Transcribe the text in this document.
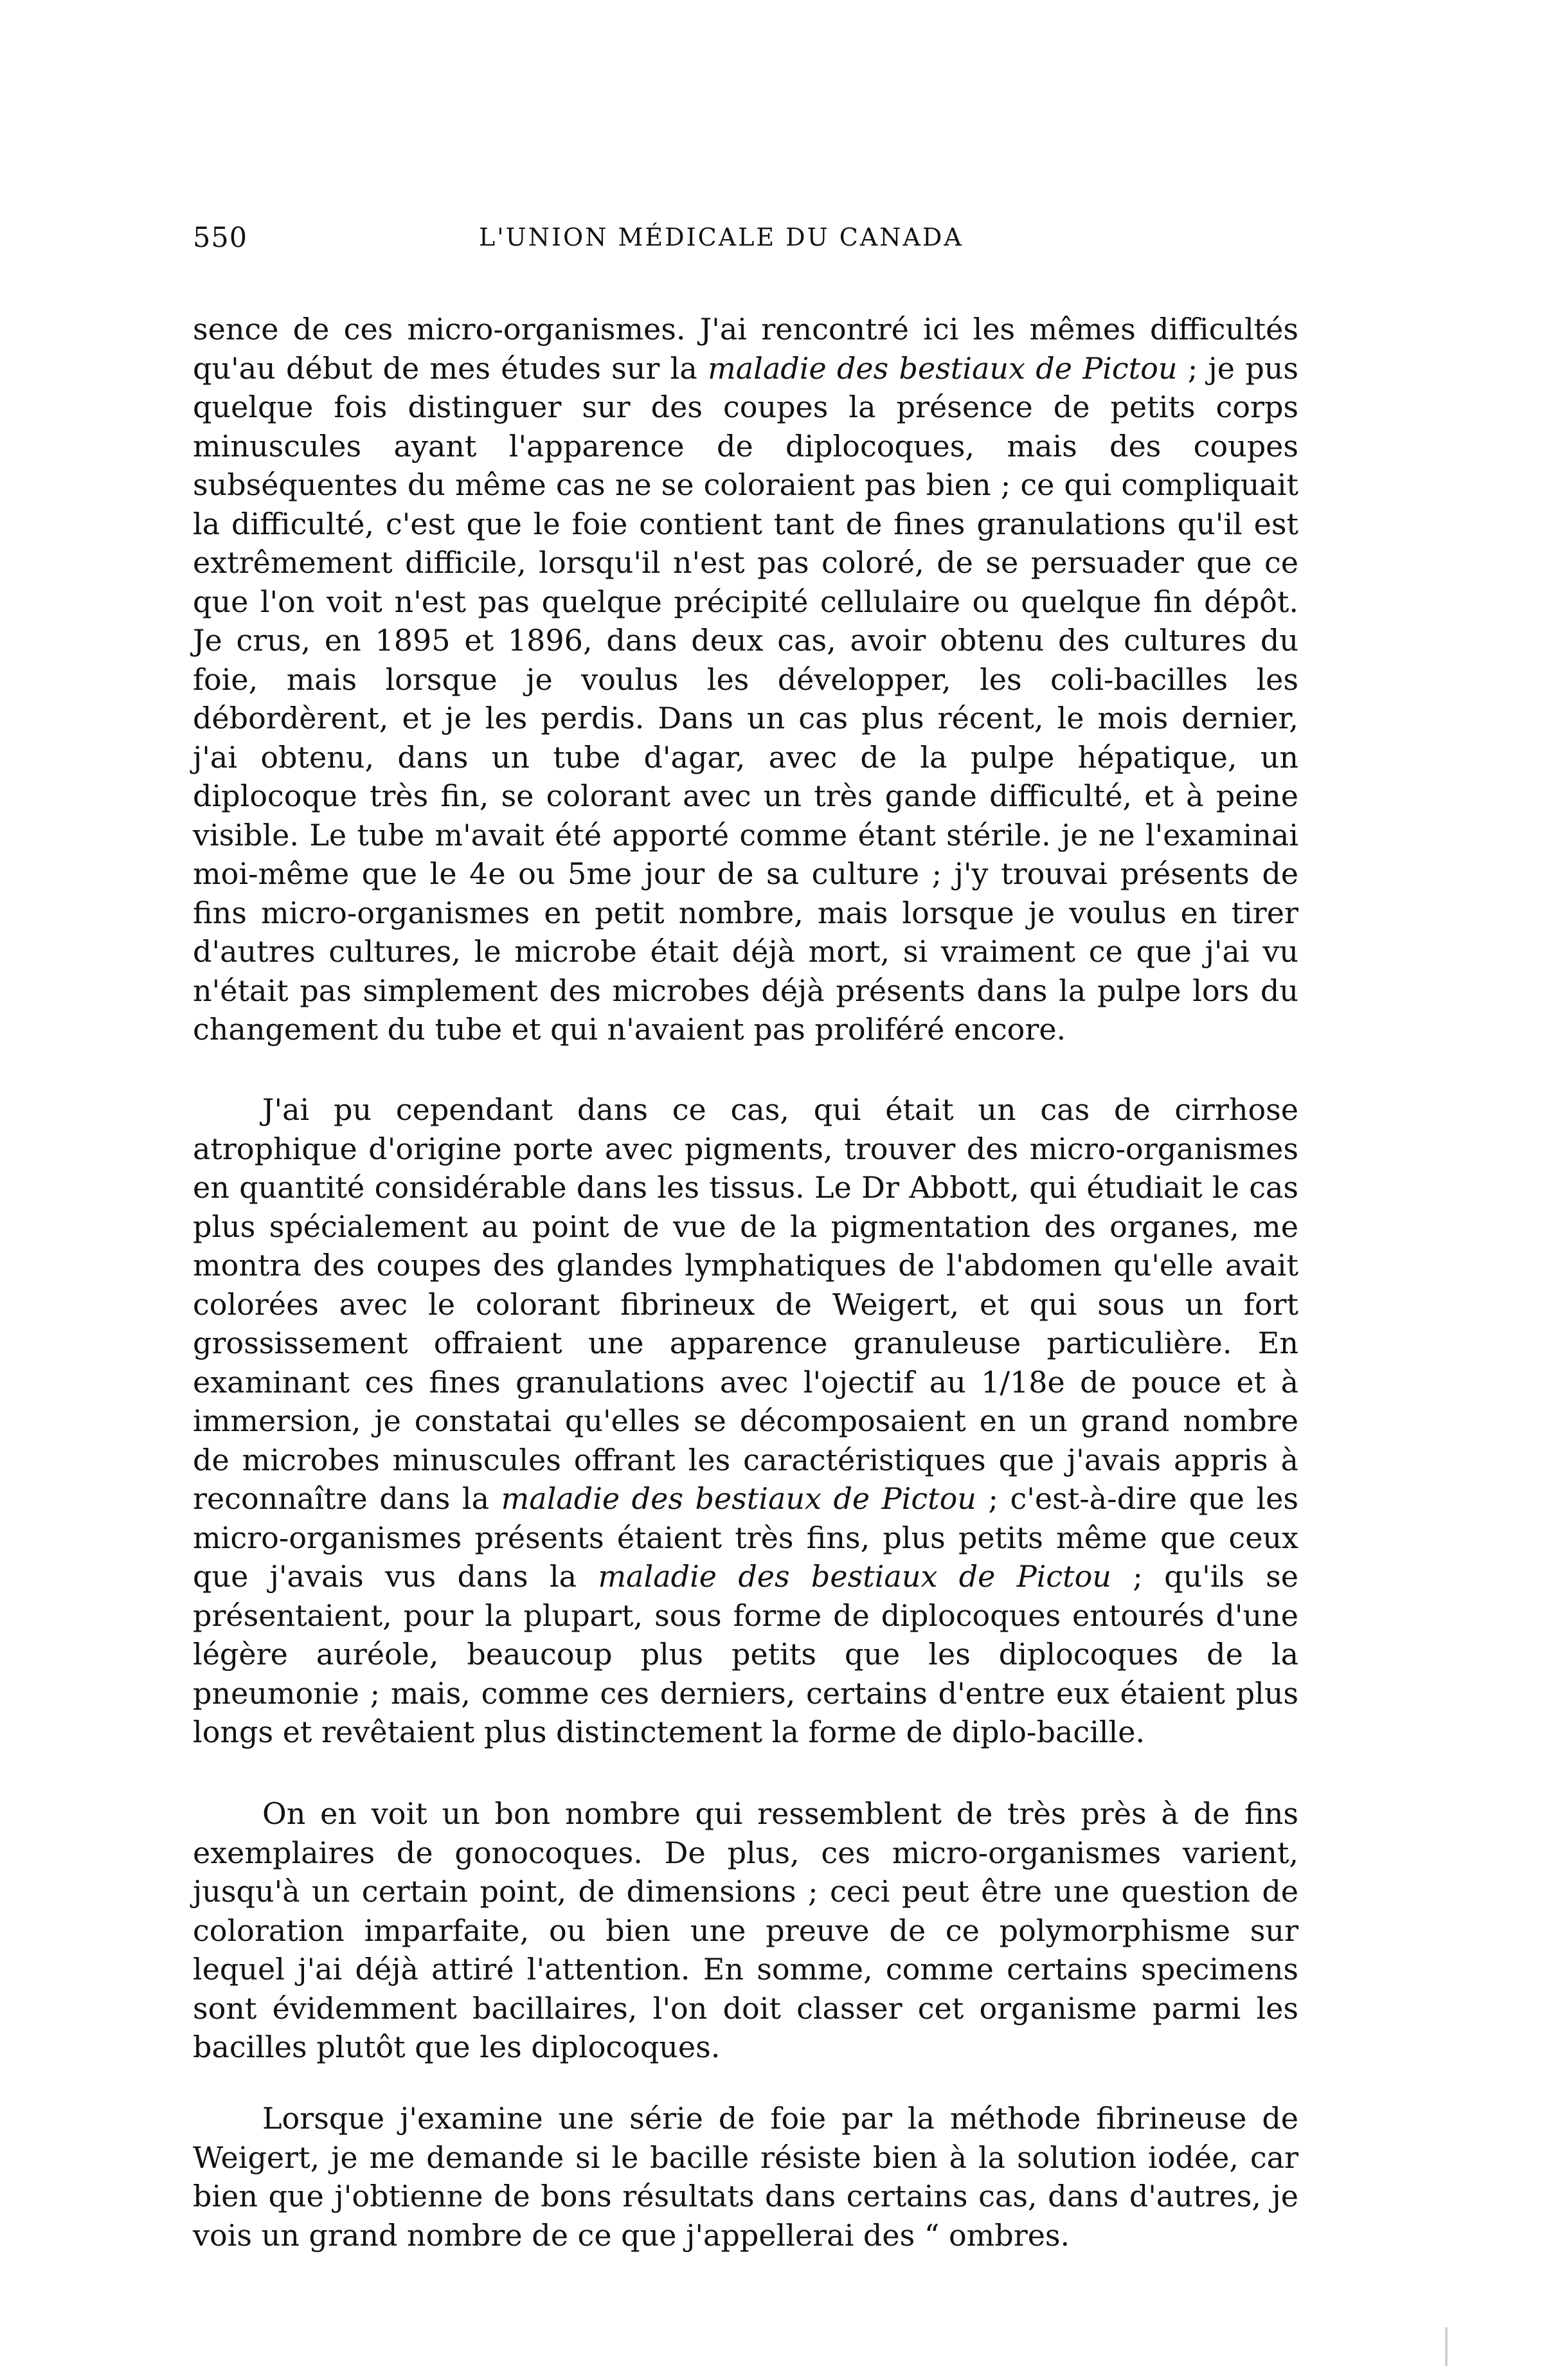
550	L'UNION MÉDICALE DU CANADA

sence de ces micro-organismes. J'ai rencontré ici les mêmes difficultés qu'au début de mes études sur la maladie des bestiaux de Pictou ; je pus quelque fois distinguer sur des coupes la présence de petits corps minuscules ayant l'apparence de diplocoques, mais des coupes subséquentes du même cas ne se coloraient pas bien ; ce qui compliquait la difficulté, c'est que le foie contient tant de fines granulations qu'il est extrêmement difficile, lorsqu'il n'est pas coloré, de se persuader que ce que l'on voit n'est pas quelque précipité cellulaire ou quelque fin dépôt. Je crus, en 1895 et 1896, dans deux cas, avoir obtenu des cultures du foie, mais lorsque je voulus les développer, les coli-bacilles les débordèrent, et je les perdis. Dans un cas plus récent, le mois dernier, j'ai obtenu, dans un tube d'agar, avec de la pulpe hépatique, un diplocoque très fin, se colorant avec un très gande difficulté, et à peine visible. Le tube m'avait été apporté comme étant stérile. je ne l'examinai moi-même que le 4e ou 5me jour de sa culture ; j'y trouvai présents de fins micro-organismes en petit nombre, mais lorsque je voulus en tirer d'autres cultures, le microbe était déjà mort, si vraiment ce que j'ai vu n'était pas simplement des microbes déjà présents dans la pulpe lors du changement du tube et qui n'avaient pas proliféré encore.

J'ai pu cependant dans ce cas, qui était un cas de cirrhose atrophique d'origine porte avec pigments, trouver des micro-organismes en quantité considérable dans les tissus. Le Dr Abbott, qui étudiait le cas plus spécialement au point de vue de la pigmentation des organes, me montra des coupes des glandes lymphatiques de l'abdomen qu'elle avait colorées avec le colorant fibrineux de Weigert, et qui sous un fort grossissement offraient une apparence granuleuse particulière. En examinant ces fines granulations avec l'ojectif au 1/18e de pouce et à immersion, je constatai qu'elles se décomposaient en un grand nombre de microbes minuscules offrant les caractéristiques que j'avais appris à reconnaître dans la maladie des bestiaux de Pictou ; c'est-à-dire que les micro-organismes présents étaient très fins, plus petits même que ceux que j'avais vus dans la maladie des bestiaux de Pictou ; qu'ils se présentaient, pour la plupart, sous forme de diplocoques entourés d'une légère auréole, beaucoup plus petits que les diplocoques de la pneumonie ; mais, comme ces derniers, certains d'entre eux étaient plus longs et revêtaient plus distinctement la forme de diplo-bacille.

On en voit un bon nombre qui ressemblent de très près à de fins exemplaires de gonocoques. De plus, ces micro-organismes varient, jusqu'à un certain point, de dimensions ; ceci peut être une question de coloration imparfaite, ou bien une preuve de ce polymorphisme sur lequel j'ai déjà attiré l'attention. En somme, comme certains specimens sont évidemment bacillaires, l'on doit classer cet organisme parmi les bacilles plutôt que les diplocoques.

Lorsque j'examine une série de foie par la méthode fibrineuse de Weigert, je me demande si le bacille résiste bien à la solution iodée, car bien que j'obtienne de bons résultats dans certains cas, dans d'autres, je vois un grand nombre de ce que j'appellerai des “ ombres.
